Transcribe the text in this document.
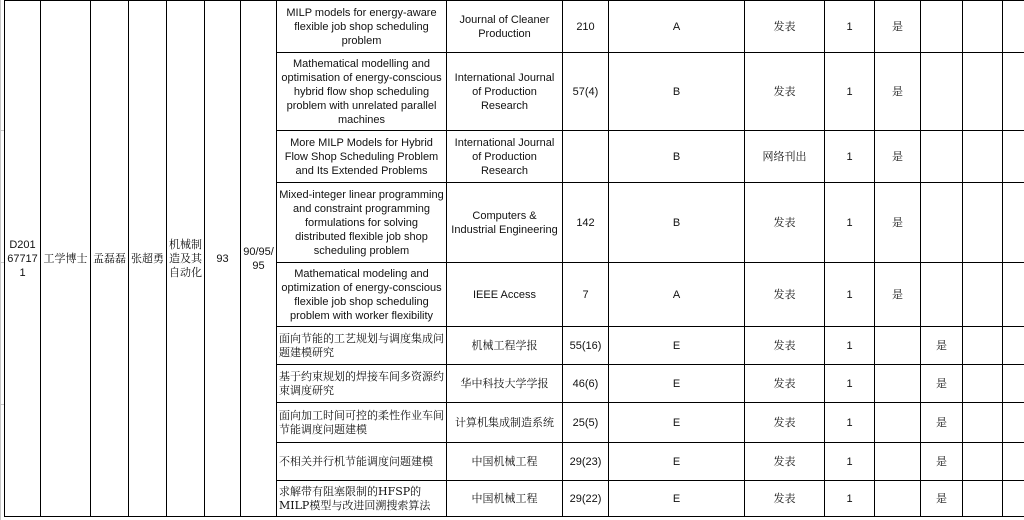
D201677171	工学博士	孟磊磊	张超勇	机械制造及其自动化	93	90/95/95	MILP models for energy-aware flexible job shop scheduling problem	Journal of Cleaner Production	210	A	发表	1	是			
							Mathematical modelling and optimisation of energy-conscious hybrid flow shop scheduling problem with unrelated parallel machines	International Journal of Production Research	57(4)	B	发表	1	是			
							More MILP Models for Hybrid Flow Shop Scheduling Problem and Its Extended Problems	International Journal of Production Research		B	网络刊出	1	是			
							Mixed-integer linear programming and constraint programming formulations for solving distributed flexible job shop scheduling problem	Computers & Industrial Engineering	142	B	发表	1	是			
							Mathematical modeling and optimization of energy-conscious flexible job shop scheduling problem with worker flexibility	IEEE Access	7	A	发表	1	是			
							面向节能的工艺规划与调度集成问题建模研究	机械工程学报	55(16)	E	发表	1		是		
							基于约束规划的焊接车间多资源约束调度研究	华中科技大学学报	46(6)	E	发表	1		是		
							面向加工时间可控的柔性作业车间节能调度问题建模	计算机集成制造系统	25(5)	E	发表	1		是		
							不相关并行机节能调度问题建模	中国机械工程	29(23)	E	发表	1		是		
							求解带有阻塞限制的HFSP的MILP模型与改进回溯搜索算法	中国机械工程	29(22)	E	发表	1		是		
